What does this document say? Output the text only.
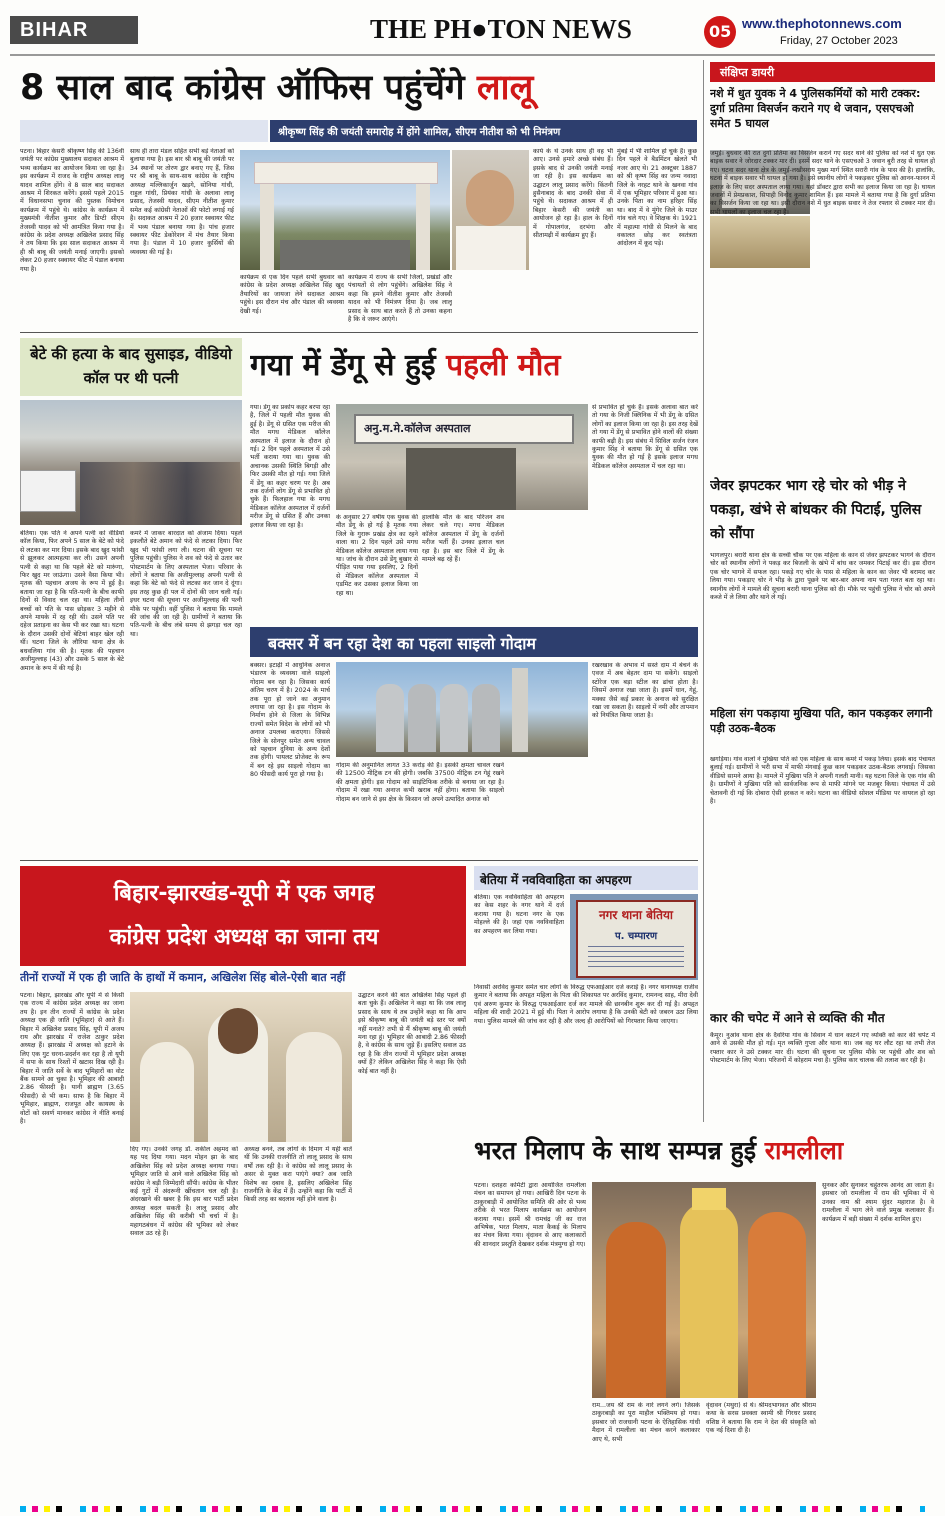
BIHAR	THE PH●TON NEWS	05 www.thephotonnews.com
Friday, 27 October 2023
8 साल बाद कांग्रेस ऑफिस पहुंचेंगे लालू
श्रीकृष्ण सिंह की जयंती समारोह में होंगे शामिल, सीएम नीतीश को भी निमंत्रण
पटना। बिहार केसरी श्रीकृष्ण सिंह की 136वीं जयंती पर कांग्रेस मुख्यालय सदाकत आश्रम में भव्य कार्यक्रम का आयोजन किया जा रहा है। इस कार्यक्रम में राजद के राष्ट्रीय अध्यक्ष लालू यादव शामिल होंगे। वे 8 साल बाद सदाकत आश्रम में शिरकत करेंगे। इससे पहले 2015 में विधानसभा चुनाव की पुस्तक विमोचन कार्यक्रम में पहुंचे थे। कांग्रेस के कार्यक्रम में मुख्यमंत्री नीतीश कुमार और डिप्टी सीएम तेजस्वी यादव को भी आमंत्रित किया गया है। कांग्रेस के प्रदेश अध्यक्ष अखिलेश प्रसाद सिंह ने तय किया कि इस साल सदाकत आश्रम में ही श्री बाबू की जयंती मनाई जाएगी। इसको लेकर 20 हजार स्क्वायर फीट में पंडाल बनाया गया है।
साथ ही तारा मंडल सहित सभी बड़े नेताओं को बुलाया गया है। इस बार श्री बाबू की जयंती पर 34 स्थानों पर तोरण द्वार बनाए गए हैं, जिस पर श्री बाबू के साथ-साथ कांग्रेस के राष्ट्रीय अध्यक्ष मल्लिकार्जुन खड़गे, सोनिया गांधी, राहुल गांधी, प्रियंका गांधी के अलावा लालू प्रसाद, तेजस्वी यादव, सीएम नीतीश कुमार समेत कई कांग्रेसी नेताओं की फोटो लगाई गई है। सदाकत आश्रम में 20 हजार स्क्वायर फीट में भव्य पंडाल बनाया गया है। पांच हजार स्क्वायर फीट डेकोरेशन में मंच तैयार किया गया है। पंडाल में 10 हजार कुर्सियों की व्यवस्था की गई है।
कार्यक्रम से एक दिन पहले सभी बुधवार को कांग्रेस के प्रदेश अध्यक्ष अखिलेश सिंह खुद तैयारियों का जायजा लेने सदाकत आश्रम पहुंचे। इस दौरान मंच और पंडाल की व्यवस्था देखी गई।
कार्यक्रम में राज्य के सभी जिलों, प्रखंडों और पंचायतों से लोग पहुंचेंगे। अखिलेश सिंह ने कहा कि हमने नीतीश कुमार और तेजस्वी यादव को भी निमंत्रण दिया है। जब लालू प्रसाद के साथ बात करते हैं तो उनका कहना है कि वे जरूर आएंगे।
कार्य के थे उनके साथ ही वह भी आए। उनसे हमारे अच्छे संबंध हैं। इसके बाद से उनकी जयंती मनाई जा रही है। इस कार्यक्रम का उद्घाटन लालू प्रसाद करेंगे। किंतनी हुसैनाबाद के बाद उनकी सेवा में पहुंचे थे। सदाकत आश्रम में ही बिहार केसरी की जयंती का आयोजन हो रहा है। हाल के दिनों में गोपालगंज, दरभंगा और सीतामढ़ी में कार्यक्रम हुए हैं।
मुंबई में भी शामिल हो चुके हैं। कुछ दिन पहले वे बैडमिंटन खेलते भी नजर आए थे। 21 अक्टूबर 1887 को श्री कृष्ण सिंह का जन्म नवादा जिले के नरहट थाने के खनवा गांव में एक भूमिहार परिवार में हुआ था। उनके पिता का नाम हरिहर सिंह था। बाद में वे मुंगेर जिले के माउर गांव चले गए। वे शिक्षक थे। 1921 में महात्मा गांधी से मिलने के बाद वकालत छोड़ कर स्वतंत्रता आंदोलन में कूद पड़े।
बेटे की हत्या के बाद सुसाइड, वीडियो कॉल पर थी पत्नी
बेतिया। एक पति ने अपने पत्नी को वीडियो कॉल किया, फिर अपने 5 साल के बेटे को फंदे से लटका कर मार दिया। इसके बाद खुद फांसी से झूलकर आत्महत्या कर ली। उसने अपनी पत्नी से कहा था कि पहले बेटे को मारूंगा, फिर खुद मर जाऊंगा। उसने वैसा किया भी। मृतक की पहचान अजय के रूप में हुई है। बताया जा रहा है कि पति-पत्नी के बीच काफी दिनों से विवाद चल रहा था। महिला तीनों बच्चों को पति के पास छोड़कर 3 महीने से अपने मायके में रह रही थी। उसने पति पर दहेज प्रताड़ना का केस भी कर रखा था। घटना के दौरान उसकी दोनों बेटियां बाहर खेल रही थीं। घटना जिले के लौरिया थाना क्षेत्र के बधवलिया गांव की है। मृतक की पहचान अजीमुल्लाह (43) और उसके 5 साल के बेटे अमान के रूप में की गई है।
कमरे में जाकर बारदात को अंजाम दिया। पहले इकलौते बेटे अमान को फंदे से लटका दिया। फिर खुद भी फांसी लगा ली। घटना की सूचना पर पुलिस पहुंची। पुलिस ने शव को फंदे से उतार कर पोस्टमार्टम के लिए अस्पताल भेजा। परिवार के लोगों ने बताया कि अजीमुल्लाह अपनी पत्नी से कहा कि बेटे को फंदे से लटका कर जान दे दूंगा। इस तरह कुछ ही पल में दोनों की जान चली गई। इधर घटना की सूचना पर अजीमुल्लाह की पत्नी मौके पर पहुंची। वहीं पुलिस ने बताया कि मामले की जांच की जा रही है। ग्रामीणों ने बताया कि पति-पत्नी के बीच लंबे समय से झगड़ा चल रहा था।
गया में डेंगू से हुई पहली मौत
गया। डेंगू का प्रकोप कहर बरपा रहा है, जिले में पहली मौत युवक की हुई है। डेंगू से ग्रसित एक मरीज की मौत मगध मेडिकल कॉलेज अस्पताल में इलाज के दौरान हो गई। 2 दिन पहले अस्पताल में उसे भर्ती कराया गया था। युवक की अचानक उसकी स्थिति बिगड़ी और फिर उसकी मौत हो गई। गया जिले में डेंगू का कहर चरण पर है। अब तक दर्जनों लोग डेंगू से प्रभावित हो चुके हैं। फिलहाल गया के मगध मेडिकल कॉलेज अस्पताल में दर्जनों मरीज डेंगू से ग्रसित हैं और उनका इलाज किया जा रहा है।
अनु.म.मे.कॉलेज अस्पताल
के अनुसार 27 वर्षीय एक युवक की मौत डेंगू के हो गई है मृतक गया जिले के गुरारू प्रखंड क्षेत्र का रहने वाला था। 2 दिन पहले उसे मगध मेडिकल कॉलेज अस्पताल लाया गया था। जांच के दौरान उसे डेंगू बुखार से पीड़ित पाया गया इसलिए, 2 दिनों से मेडिकल कॉलेज अस्पताल में एडमिट कर उसका इलाज किया जा रहा था।
हालांकि मौत के बाद परिजन शव लेकर चले गए। मगध मेडिकल कॉलेज अस्पताल में डेंगू के दर्जनों मरीज भर्ती हैं। उनका इलाज चल रहा है। इस बार जिले में डेंगू के मामले बढ़ रहे हैं।
से प्रभावित हो चुके हैं। इसके अलावा बात करें तो गया के निजी क्लिनिक में भी डेंगू के ग्रसित लोगों का इलाज किया जा रहा है। इस तरह देखें तो गया में डेंगू से प्रभावित होने वालों की संख्या काफी बढ़ी है। इस संबंध में सिविल सर्जन रंजन कुमार सिंह ने बताया कि डेंगू से ग्रसित एक युवक की मौत हो गई है इसके इलाज मगध मेडिकल कॉलेज अस्पताल में चल रहा था।
बक्सर में बन रहा देश का पहला साइलो गोदाम
बक्सर। इटाढ़ी में आधुनिक अनाज भंडारण के व्यवस्था वाले साइलो गोदाम बन रहा है। जिसका कार्य अंतिम चरण में है। 2024 के मार्च तक पूरा हो जाने का अनुमान लगाया जा रहा है। इस गोदाम के निर्माण होने से जिला के विभिन्न राज्यों समेत विदेश के लोगों को भी अनाज उपलब्ध कराएगा। जिससे जिले के सोनपुर समेत अन्य चावल को पहचान दुनिया के अन्य देशों तक होगी। पायलट प्रोजेक्ट के रूप में बन रहे इस साइलो गोदाम का 80 फीसदी कार्य पूरा हो गया है।
गोदाम की अनुमानित लागत 33 करोड़ की है। इसकी क्षमता चावल रखने की 12500 मीट्रिक टन की होगी। जबकि 37500 मीट्रिक टन गेहूं रखने की क्षमता होगी। इस गोदाम को साइंटिफिक तरीके से बनाया जा रहा है। गोदाम में रखा गया अनाज कभी खराब नहीं होगा। बताया कि साइलो गोदाम बन जाने से इस क्षेत्र के किसान जो अपने उत्पादित अनाज को
रखरखाव के अभाव में सस्ते दाम में बेचने के एवज में अब बेहतर दाम पा सकेंगे। साइलो स्टोरेज एक बड़ा स्टील का ढांचा होता है। जिसमें अनाज रखा जाता है। इसमें धान, गेहूं, मक्का जैसे कई प्रकार के अनाज को सुरक्षित रखा जा सकता है। साइलो में नमी और तापमान को नियंत्रित किया जाता है।
बिहार-झारखंड-यूपी में एक जगह
कांग्रेस प्रदेश अध्यक्ष का जाना तय
तीनों राज्यों में एक ही जाति के हाथों में कमान, अखिलेश सिंह बोले-ऐसी बात नहीं
पटना। बिहार, झारखंड और यूपी में से किसी एक राज्य में कांग्रेस प्रदेश अध्यक्ष का जाना तय है। इन तीन राज्यों में कांग्रेस के प्रदेश अध्यक्ष एक ही जाति (भूमिहार) से आते हैं। बिहार में अखिलेश प्रसाद सिंह, यूपी में अजय राय और झारखंड में राजेश ठाकुर प्रदेश अध्यक्ष हैं। झारखंड में अध्यक्ष को हटाने के लिए एक गुट धरना-प्रदर्शन कर रहा है तो यूपी में सपा के साथ रिश्तों में खटास दिख रही है। बिहार में जाति सर्वे के बाद भूमिहारों का वोट बैंक सामने आ चुका है। भूमिहार की आबादी 2.86 फीसदी है। यानी ब्राह्मण (3.65 फीसदी) से भी कम। साफ है कि बिहार में भूमिहार, ब्राह्मण, राजपूत और कायस्थ के वोटों को सवर्ण मानकर कांग्रेस ने नीति बनाई है।
दिए गए। उनकी जगह डॉ. शकील अहमद को यह पद दिया गया। मदन मोहन झा के बाद अखिलेश सिंह को प्रदेश अध्यक्ष बनाया गया। भूमिहार जाति से आने वाले अखिलेश सिंह को कांग्रेस ने बड़ी जिम्मेदारी सौंपी। कांग्रेस के भीतर कई गुटों में अंदरूनी खींचतान चल रही है। अंदरखाने की खबर है कि इस बार पार्टी प्रदेश अध्यक्ष बदल सकती है। लालू प्रसाद और अखिलेश सिंह की करीबी भी चर्चा में है। महागठबंधन में कांग्रेस की भूमिका को लेकर सवाल उठ रहे हैं।
अध्यक्ष बनने, तब लोगों के दिमाग में यही बातें थीं कि उनकी राजनीति तो लालू प्रसाद के साथ वर्षों तक रही है। वे कांग्रेस को लालू प्रसाद के असर से मुक्त करा पाएंगे क्या? अब जाति विशेष का दबाव है, इसलिए अखिलेश सिंह राजनीति के केंद्र में हैं। उन्होंने कहा कि पार्टी में किसी तरह का बदलाव नहीं होने वाला है।
उद्घाटन करने की बात अखिलेश सिंह पहले ही बता चुके हैं। अखिलेश ने कहा था कि जब लालू प्रसाद के साथ थे तब उन्होंने कहा था कि आप इसे श्रीकृष्ण बाबू की जयंती बड़े स्तर पर क्यों नहीं मनाते? तभी से मैं श्रीकृष्ण बाबू की जयंती मना रहा हूं। भूमिहार की आबादी 2.86 फीसदी है, वे कांग्रेस के साथ जुड़े हैं। इसलिए सवाल उठ रहा है कि तीन राज्यों में भूमिहार प्रदेश अध्यक्ष क्यों हैं? लेकिन अखिलेश सिंह ने कहा कि ऐसी कोई बात नहीं है।
बेतिया में नवविवाहिता का अपहरण
बेतिया। एक नवविवाहिता की अपहरण का केस शहर के नगर थाने में दर्ज कराया गया है। घटना नगर के एक मोहल्ले की है। जहां एक नवविवाहिता का अपहरण कर लिया गया।
नगर थाना बेतिया
प. चम्पारण
निवासी अरविंद कुमार समेत चार लोगों के विरुद्ध एफआईआर दर्ज कराई है। नगर थानाध्यक्ष राजीव कुमार ने बताया कि अपहृत महिला के पिता की शिकायत पर अरविंद कुमार, रामनन्द साह, मीरा देवी एवं अरुण कुमार के विरुद्ध एफआईआर दर्ज कर मामले की छानबीन शुरू कर दी गई है। अपहृत महिला की शादी 2021 में हुई थी। पिता ने आरोप लगाया है कि उनकी बेटी को जबरन उठा लिया गया। पुलिस मामले की जांच कर रही है और जल्द ही आरोपियों को गिरफ्तार किया जाएगा।
भरत मिलाप के साथ सम्पन्न हुई रामलीला
पटना। दशहरा कमिटी द्वारा आयोजित रामलीला मंचन का समापन हो गया। आखिरी दिन पटना के ठाकुरबाड़ी में आयोजित समिति की ओर से भव्य तरीके से भरत मिलाप कार्यक्रम का आयोजन कराया गया। इसमें श्री रामचंद्र जी का राज अभिषेक, भरत मिलाप, माता कैकई के मिलाप का मंचन किया गया। वृंदावन से आए कलाकारों की शानदार प्रस्तुति देखकर दर्शक मंत्रमुग्ध हो गए।
राम...जय श्री राम के नारे लगने लगे। जिसके ठाकुरबाड़ी का पूरा माहौल भक्तिमय हो गया। इसबार जो राजधानी पटना के ऐतिहासिक गांधी मैदान में रामलीला का मंचन करने कलाकार आए थे, सभी
वृंदावन (मथुरा) से थे। श्रीमदभागवत और श्रीराम कथा के सरस प्रवक्ता स्वामी श्री गिरधर प्रसाद वशिष्ठ ने बताया कि राम ने देश की संस्कृति को एक नई दिशा दी है।
सुनकर और सुनाकर चहुंतरफ आनंद आ जाता है। इसबार जो रामलीला में राम की भूमिका में थे उनका नाम श्री श्याम सुंदर महाराज है। वे रामलीला में भाग लेने वाले प्रमुख कलाकार हैं। कार्यक्रम में बड़ी संख्या में दर्शक शामिल हुए।
संक्षिप्त डायरी
नशे में धुत युवक ने 4 पुलिसकर्मियों को मारी टक्कर: दुर्गा प्रतिमा विसर्जन कराने गए थे जवान, एसएचओ समेत 5 घायल
जमुई। बुधवार की रात दुर्गा प्रतिमा का विसर्जन कराने गए सदर थाने की पुलिस को नशे में धुत एक बाइक सवार ने जोरदार टक्कर मार दी। इसमें सदर थाने के एसएचओ 3 जवान बुरी तरह से घायल हो गए। घटना सदर थाना क्षेत्र के जमुई-लखीसराय मुख्य मार्ग स्थित सरारी गांव के पास की है। हालांकि, घटना में बाइक सवार भी घायल हो गया है। इसे स्थानीय लोगों ने पकड़कर पुलिस को आनन-फानन में इलाज के लिए सदर अस्पताल लाया गया। यहां डॉक्टर द्वारा सभी का इलाज किया जा रहा है। घायल जवानों में प्रेमप्रकाश, सिपाही विनोद कुमार शामिल हैं। इस मामले में बताया गया है कि दुर्गा प्रतिमा का विसर्जन किया जा रहा था। इसी दौरान नशे में धुत बाइक सवार ने तेज रफ्तार से टक्कर मार दी। सभी घायलों का इलाज चल रहा है।
जेवर झपटकर भाग रहे चोर को भीड़ ने पकड़ा, खंभे से बांधकर की पिटाई, पुलिस को सौंपा
भागलपुर। बरारी थाना क्षेत्र के सच्ची चौक पर एक महिला के कान से जेवर झपटकर भागने के दौरान चोर को स्थानीय लोगों ने पकड़ कर बिजली के खंभे में बांध कर जमकर पिटाई कर दी। इस दौरान एक चोर भागने में सफल रहा। पकड़े गए चोर के पास से महिला के कान का जेवर भी बरामद कर लिया गया। पकड़ाए चोर ने भीड़ के द्वारा पूछने पर बार-बार अपना नाम पता गलत बता रहा था। स्थानीय लोगों ने मामले की सूचना बरारी थाना पुलिस को दी। मौके पर पहुंची पुलिस ने चोर को अपने कब्जे में ले लिया और थाने ले गई।
महिला संग पकड़ाया मुखिया पति, कान पकड़कर लगानी पड़ी उठक-बैठक
खगड़िया। गांव वालों ने मुखिया पति को एक महिला के साथ कमरे में पकड़ लिया। इसके बाद पंचायत बुलाई गई। ग्रामीणों ने भरी सभा में माफी मंगवाई कुछ कान पकड़कर उठक-बैठक लगवाई। जिसका वीडियो सामने आया है। मामले में मुखिया पति ने अपनी गलती मानी। यह घटना जिले के एक गांव की है। ग्रामीणों ने मुखिया पति को सार्वजनिक रूप से माफी मांगने पर मजबूर किया। पंचायत में उसे चेतावनी दी गई कि दोबारा ऐसी हरकत न करे। घटना का वीडियो सोशल मीडिया पर वायरल हो रहा है।
कार की चपेट में आने से व्यक्ति की मौत
कैमूर। नुआंव थाना क्षेत्र के दैवरिया गांव के सिवान में धान काटने गए व्यक्ति को कार की चपेट में आने से उसकी मौत हो गई। मृत व्यक्ति गुप्ता और थाना था। जब वह घर लौट रहा था तभी तेज रफ्तार कार ने उसे टक्कर मार दी। घटना की सूचना पर पुलिस मौके पर पहुंची और शव को पोस्टमार्टम के लिए भेजा। परिजनों में कोहराम मचा है। पुलिस कार चालक की तलाश कर रही है।
